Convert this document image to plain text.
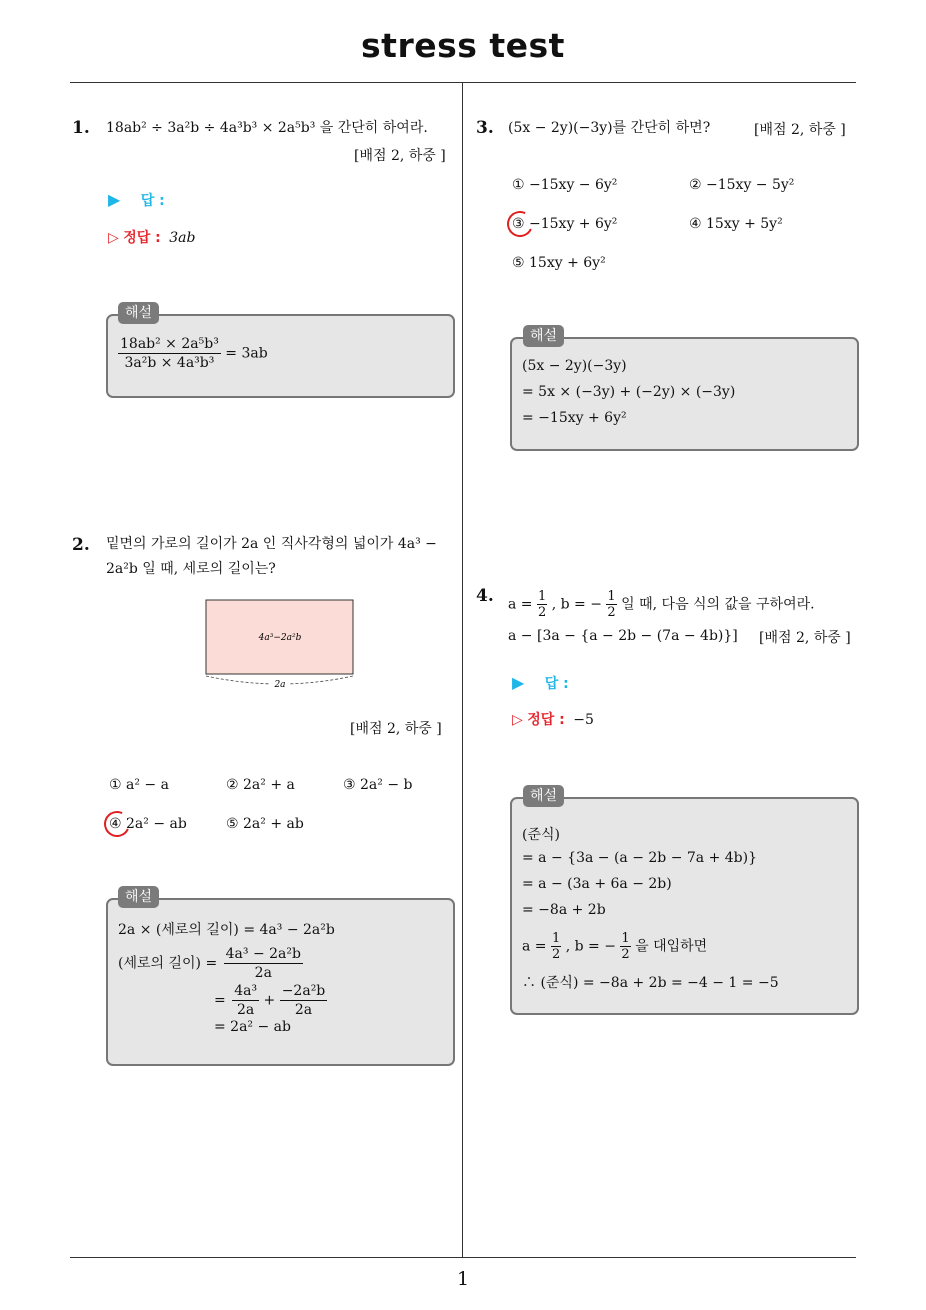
stress test
1. 18ab² ÷ 3a²b ÷ 4a³b³ × 2a⁵b³ 을 간단히 하여라.
[배점 2, 하중 ]
▶ 답 :
▷ 정답 : 3ab
해설
$\frac{\text{18ab² × 2a⁵b³}}{\text{3a²b × 4a³b³}} = 3ab$
2. 밑면의 가로의 길이가 2a 인 직사각형의 넓이가 4a³ −
2a²b 일 때, 세로의 길이는?
4a³−2a²b
2a
[배점 2, 하중 ]
① a² − a	② 2a² + a	③ 2a² − b
④ 2a² − ab	⑤ 2a² + ab
해설
2a × (세로의 길이) = 4a³ − 2a²b
(세로의 길이) = $\frac{\text{4a³ − 2a²b}}{2a}$
= $\frac{\text{4a³}}{2a} + \frac{\text{−2a²b}}{2a}$
= 2a² − ab
3. (5x − 2y)(−3y)를 간단히 하면?	[배점 2, 하중 ]
① −15xy − 6y²	② −15xy − 5y²
③ −15xy + 6y²	④ 15xy + 5y²
⑤ 15xy + 6y²
해설
(5x − 2y)(−3y)
= 5x × (−3y) + (−2y) × (−3y)
= −15xy + 6y²
4. $a = \frac{1}{2}$ , b = − $\frac{1}{2}$ 일 때, 다음 식의 값을 구하여라.
a − [3a − {a − 2b − (7a − 4b)}] [배점 2, 하중 ]
▶ 답 :
▷ 정답 : −5
해설
(준식)
= a − {3a − (a − 2b − 7a + 4b)}
= a − (3a + 6a − 2b)
= −8a + 2b
$a = \frac{1}{2}$ , b = − $\frac{1}{2}$ 을 대입하면
∴ (준식) = −8a + 2b = −4 − 1 = −5
1
